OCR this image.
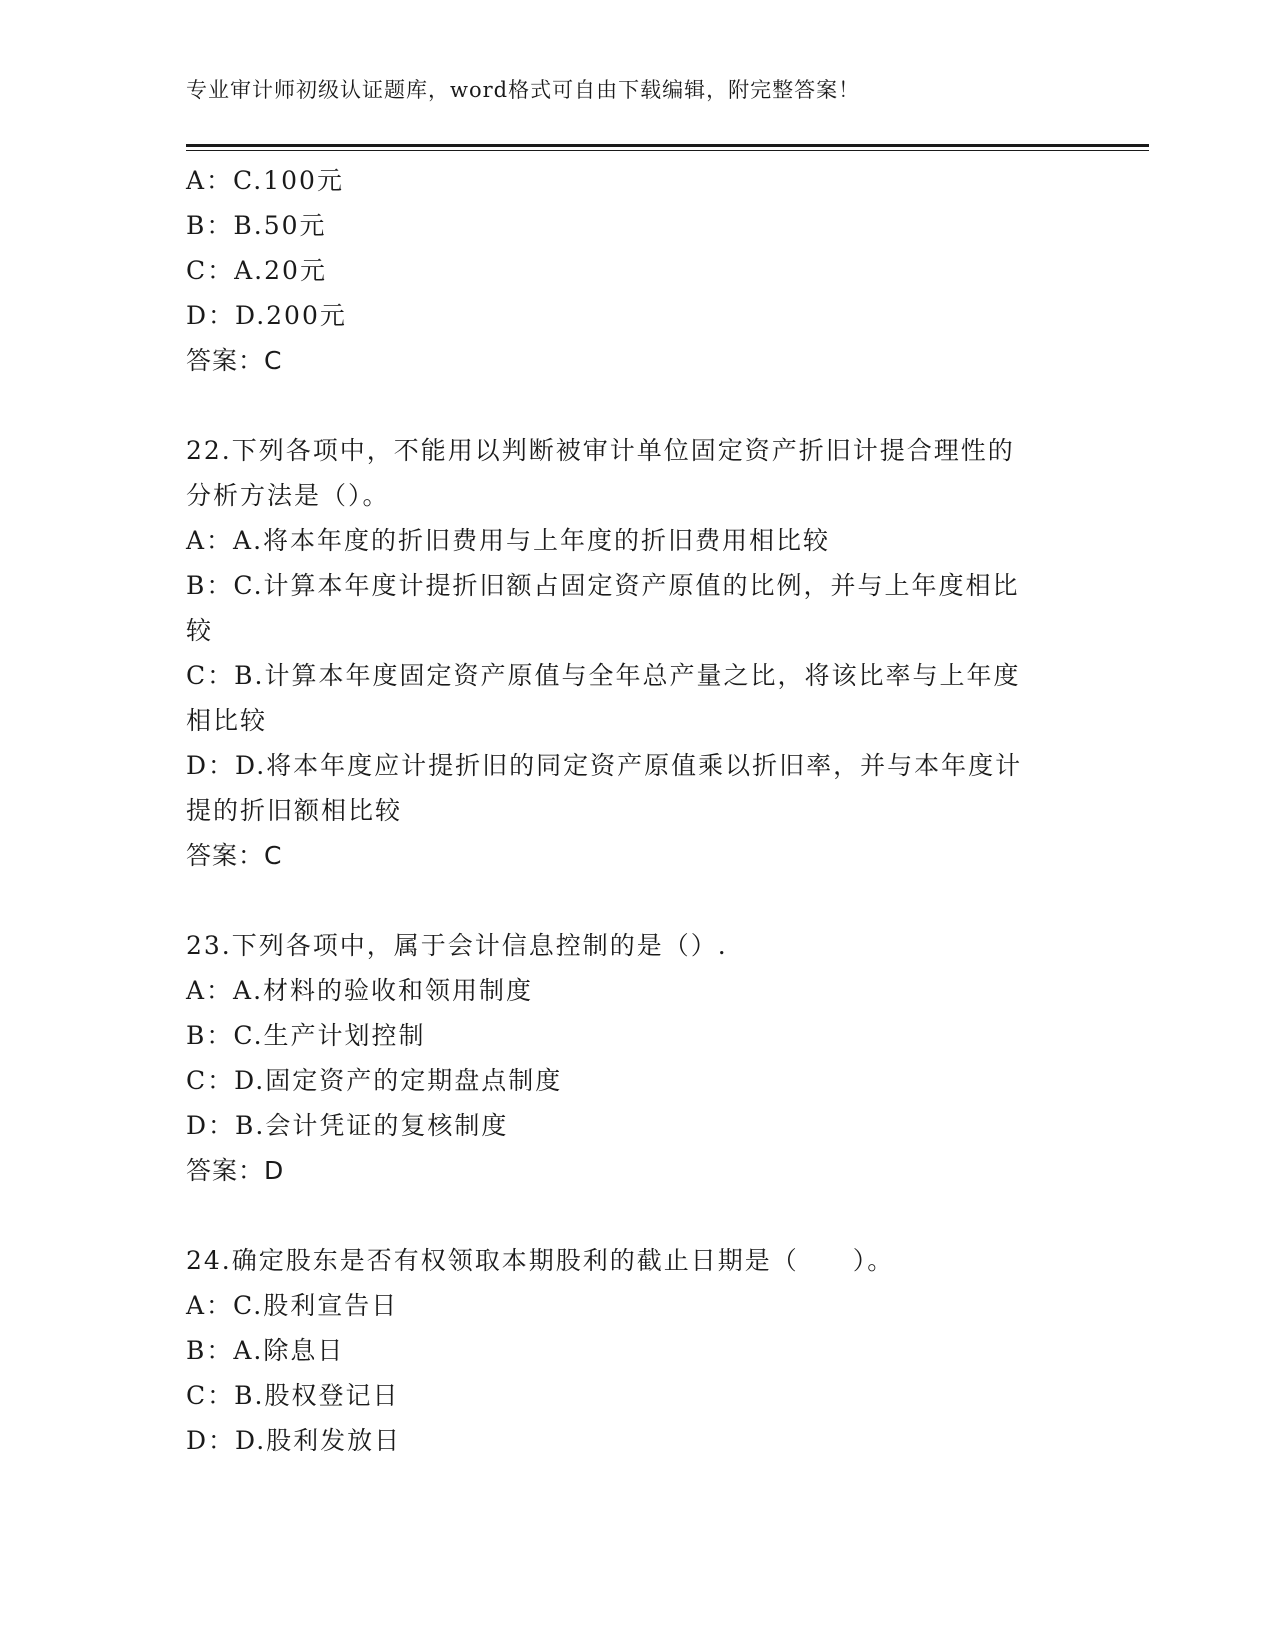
专业审计师初级认证题库，word格式可自由下载编辑，附完整答案！
A：C.100元
B：B.50元
C：A.20元
D：D.200元
答案：C
22.下列各项中，不能用以判断被审计单位固定资产折旧计提合理性的
分析方法是（）。
A：A.将本年度的折旧费用与上年度的折旧费用相比较
B：C.计算本年度计提折旧额占固定资产原值的比例，并与上年度相比
较
C：B.计算本年度固定资产原值与全年总产量之比，将该比率与上年度
相比较
D：D.将本年度应计提折旧的同定资产原值乘以折旧率，并与本年度计
提的折旧额相比较
答案：C
23.下列各项中，属于会计信息控制的是（）.
A：A.材料的验收和领用制度
B：C.生产计划控制
C：D.固定资产的定期盘点制度
D：B.会计凭证的复核制度
答案：D
24.确定股东是否有权领取本期股利的截止日期是（　　）。
A：C.股利宣告日
B：A.除息日
C：B.股权登记日
D：D.股利发放日
